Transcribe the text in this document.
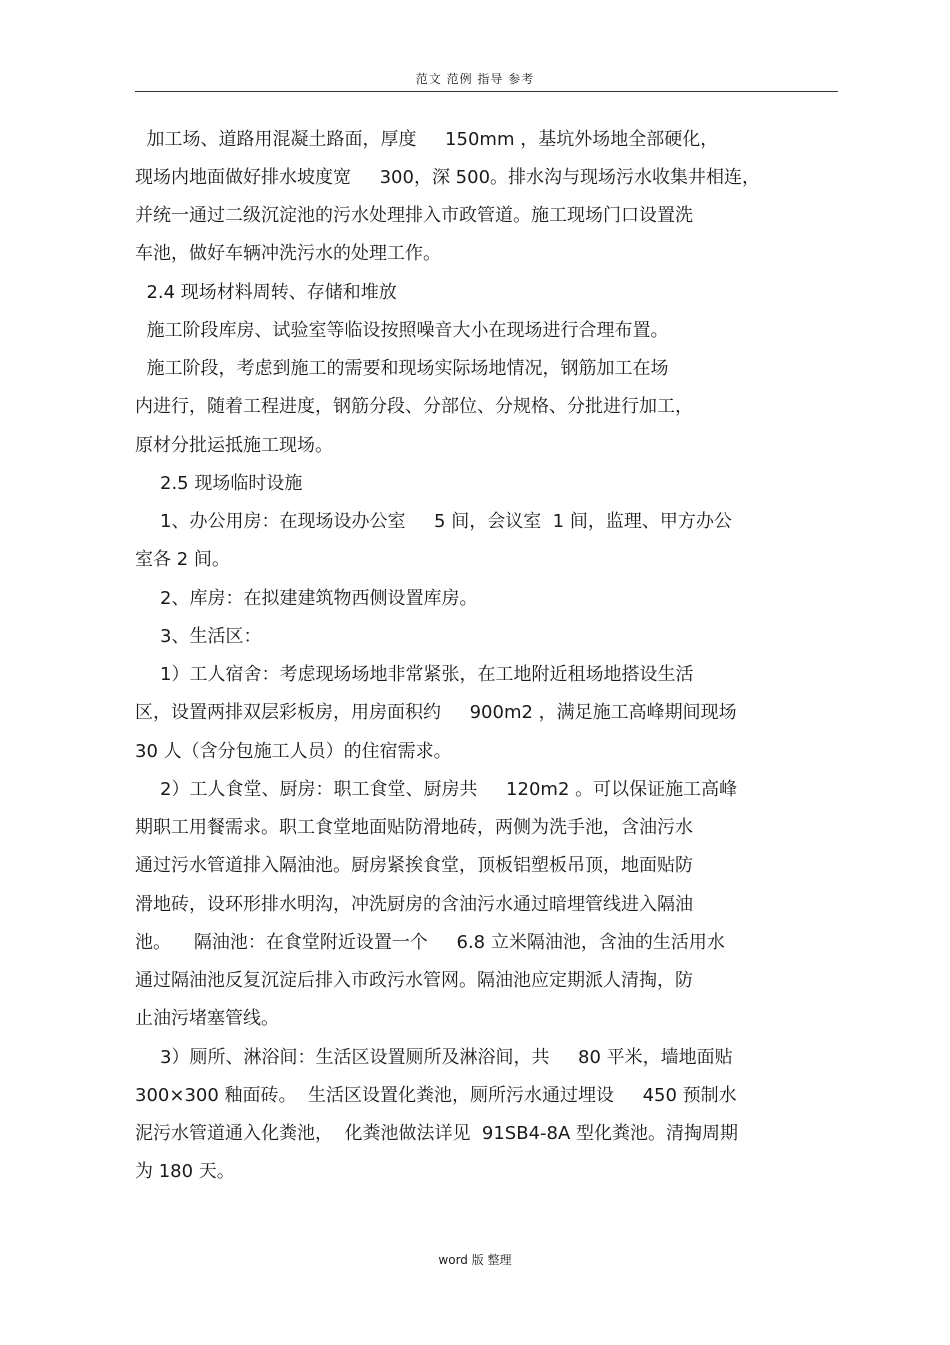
范文 范例 指导 参考
加工场、道路用混凝土路面，厚度     150mm ，基坑外场地全部硬化，
现场内地面做好排水坡度宽     300，深 500。排水沟与现场污水收集井相连，
并统一通过二级沉淀池的污水处理排入市政管道。施工现场门口设置洗
车池，做好车辆冲洗污水的处理工作。
2.4 现场材料周转、存储和堆放
施工阶段库房、试验室等临设按照噪音大小在现场进行合理布置。
施工阶段，考虑到施工的需要和现场实际场地情况，钢筋加工在场
内进行，随着工程进度，钢筋分段、分部位、分规格、分批进行加工，
原材分批运抵施工现场。
2.5 现场临时设施
1、办公用房：在现场设办公室     5 间，会议室  1 间，监理、甲方办公
室各 2 间。
2、库房：在拟建建筑物西侧设置库房。
3、生活区：
1）工人宿舍：考虑现场场地非常紧张，在工地附近租场地搭设生活
区，设置两排双层彩板房，用房面积约     900m2 ，满足施工高峰期间现场
30 人（含分包施工人员）的住宿需求。
2）工人食堂、厨房：职工食堂、厨房共     120m2 。可以保证施工高峰
期职工用餐需求。职工食堂地面贴防滑地砖，两侧为洗手池，含油污水
通过污水管道排入隔油池。厨房紧挨食堂，顶板铝塑板吊顶，地面贴防
滑地砖，设环形排水明沟，冲洗厨房的含油污水通过暗埋管线进入隔油
池。    隔油池：在食堂附近设置一个     6.8 立米隔油池，含油的生活用水
通过隔油池反复沉淀后排入市政污水管网。隔油池应定期派人清掏，防
止油污堵塞管线。
3）厕所、淋浴间：生活区设置厕所及淋浴间，共     80 平米，墙地面贴
300×300 釉面砖。  生活区设置化粪池，厕所污水通过埋设     450 预制水
泥污水管道通入化粪池，  化粪池做法详见  91SB4-8A 型化粪池。清掏周期
为 180 天。
word 版 整理
